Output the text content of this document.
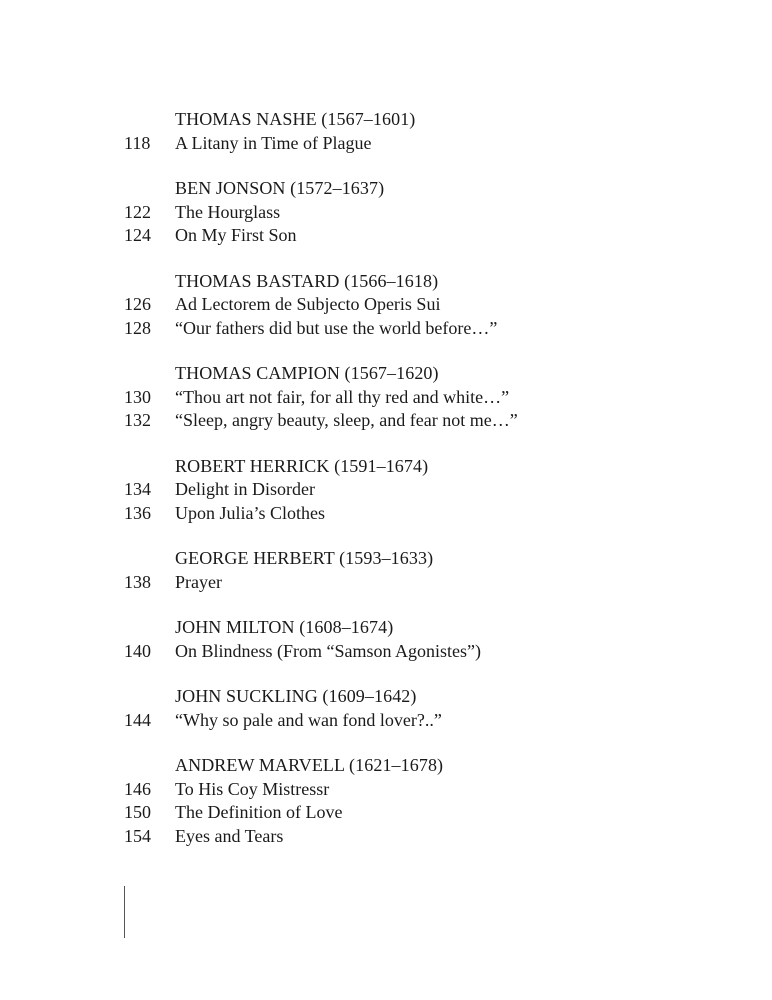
THOMAS NASHE (1567–1601)
118	A Litany in Time of Plague
BEN JONSON (1572–1637)
122	The Hourglass
124	On My First Son
THOMAS BASTARD (1566–1618)
126	Ad Lectorem de Subjecto Operis Sui
128	“Our fathers did but use the world before…”
THOMAS CAMPION (1567–1620)
130	“Thou art not fair, for all thy red and white…”
132	“Sleep, angry beauty, sleep, and fear not me…”
ROBERT HERRICK (1591–1674)
134	Delight in Disorder
136	Upon Julia’s Clothes
GEORGE HERBERT (1593–1633)
138	Prayer
JOHN MILTON (1608–1674)
140	On Blindness (From “Samson Agonistes”)
JOHN SUCKLING (1609–1642)
144	“Why so pale and wan fond lover?..”
ANDREW MARVELL (1621–1678)
146	To His Coy Mistressr
150	The Definition of Love
154	Eyes and Tears
